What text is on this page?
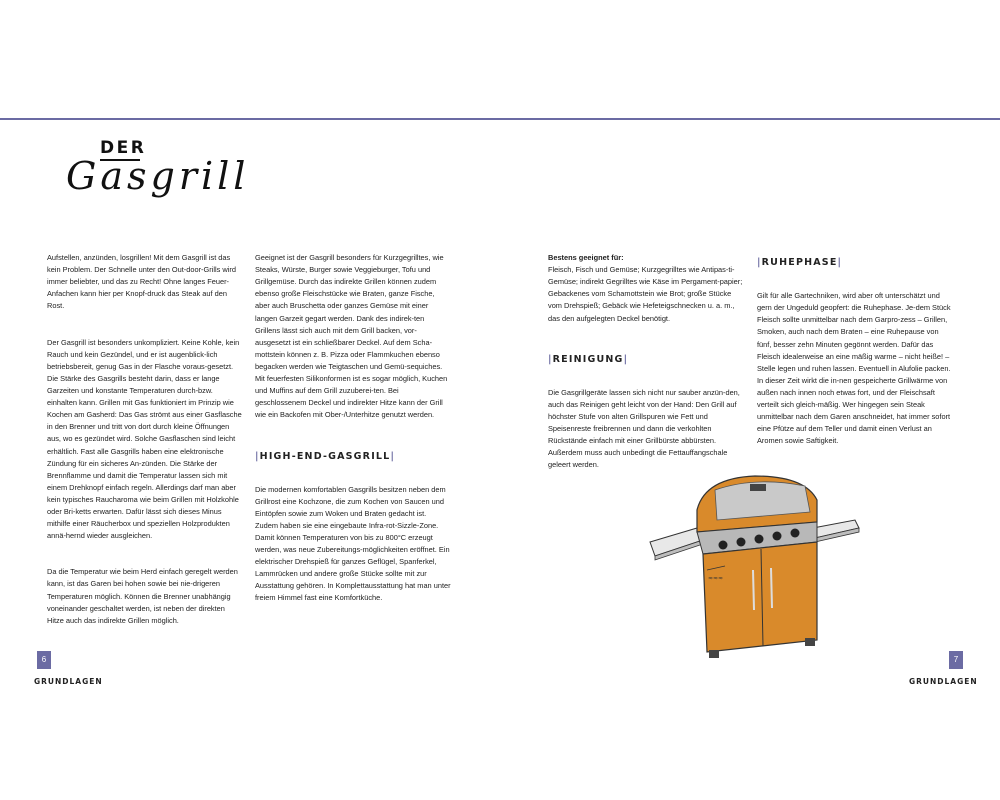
DER
Gasgrill

Aufstellen, anzünden, losgrillen! Mit dem Gasgrill ist das kein Problem. Der Schnelle unter den Out-door-Grills wird immer beliebter, und das zu Recht! Ohne langes Feuer-Anfachen kann hier per Knopf-druck das Steak auf den Rost.

Der Gasgrill ist besonders unkompliziert. Keine Kohle, kein Rauch und kein Gezündel, und er ist augenblick-lich betriebsbereit, genug Gas in der Flasche voraus-gesetzt. Die Stärke des Gasgrills besteht darin, dass er lange Garzeiten und konstante Temperaturen durch-bzw. einhalten kann. Grillen mit Gas funktioniert im Prinzip wie Kochen am Gasherd: Das Gas strömt aus einer Gasflasche in den Brenner und tritt von dort durch kleine Öffnungen aus, wo es gezündet wird. Solche Gasflaschen sind leicht erhältlich. Fast alle Gasgrills haben eine elektronische Zündung für ein sicheres An-zünden. Die Stärke der Brennflamme und damit die Temperatur lassen sich mit einem Drehknopf einfach regeln. Allerdings darf man aber kein typisches Raucharoma wie beim Grillen mit Holzkohle oder Bri-ketts erwarten. Dafür lässt sich dieses Minus mithilfe einer Räucherbox und speziellen Holzprodukten annä-hernd wieder ausgleichen.

Da die Temperatur wie beim Herd einfach geregelt werden kann, ist das Garen bei hohen sowie bei nie-drigeren Temperaturen möglich. Können die Brenner unabhängig voneinander geschaltet werden, ist neben der direkten Hitze auch das indirekte Grillen möglich.

Geeignet ist der Gasgrill besonders für Kurzgegrilltes, wie Steaks, Würste, Burger sowie Veggieburger, Tofu und Grillgemüse. Durch das indirekte Grillen können zudem ebenso große Fleischstücke wie Braten, ganze Fische, aber auch Bruschetta oder ganzes Gemüse mit einer langen Garzeit gegart werden. Dank des indirek-ten Grillens lässt sich auch mit dem Grill backen, vor-ausgesetzt ist ein schließbarer Deckel. Auf dem Scha-mottstein können z. B. Pizza oder Flammkuchen ebenso begacken werden wie Teigtaschen und Gemü-sequiches. Mit feuerfesten Silikonformen ist es sogar möglich, Kuchen und Muffins auf dem Grill zuzuberei-ten. Bei geschlossenem Deckel und indirekter Hitze kann der Grill wie ein Backofen mit Ober-/Unterhitze genutzt werden.

|HIGH-END-GASGRILL|

Die modernen komfortablen Gasgrills besitzen neben dem Grillrost eine Kochzone, die zum Kochen von Saucen und Eintöpfen sowie zum Woken und Braten gedacht ist. Zudem haben sie eine eingebaute Infra-rot-Sizzle-Zone. Damit können Temperaturen von bis zu 800°C erzeugt werden, was neue Zubereitungs-möglichkeiten eröffnet. Ein elektrischer Drehspieß für ganzes Geflügel, Spanferkel, Lammrücken und andere große Stücke sollte mit zur Ausstattung gehören. In Komplettausstattung hat man unter freiem Himmel fast eine Komfortküche.

Bestens geeignet für:
Fleisch, Fisch und Gemüse; Kurzgegrilltes wie Antipas-ti-Gemüse; indirekt Gegrilltes wie Käse im Pergament-papier; Gebackenes vom Schamottstein wie Brot; große Stücke vom Drehspieß; Gebäck wie Hefeteigschnecken u. a. m., das den aufgelegten Deckel benötigt.

|REINIGUNG|

Die Gasgrillgeräte lassen sich nicht nur sauber anzün-den, auch das Reinigen geht leicht von der Hand: Den Grill auf höchster Stufe von alten Grillspuren wie Fett und Speisenreste freibrennen und dann die verkohlten Rückstände einfach mit einer Grillbürste abbürsten. Außerdem muss auch unbedingt die Fettauffangschale geleert werden.

|RUHEPHASE|

Gilt für alle Gartechniken, wird aber oft unterschätzt und gern der Ungeduld geopfert: die Ruhephase. Je-dem Stück Fleisch sollte unmittelbar nach dem Garpro-zess – Grillen, Smoken, auch nach dem Braten – eine Ruhepause von fünf, besser zehn Minuten gegönnt werden. Dafür das Fleisch idealerweise an eine mäßig warme – nicht heiße! – Stelle legen und ruhen lassen. Eventuell in Alufolie packen. In dieser Zeit wirkt die in-nen gespeicherte Grillwärme von außen nach innen noch etwas fort, und der Fleischsaft verteilt sich gleich-mäßig. Wer hingegen sein Steak unmittelbar nach dem Garen anschneidet, hat immer sofort eine Pfütze auf dem Teller und damit einen Verlust an Aromen sowie Saftigkeit.

≈≈≈
6
GRUNDLAGEN
7
GRUNDLAGEN
